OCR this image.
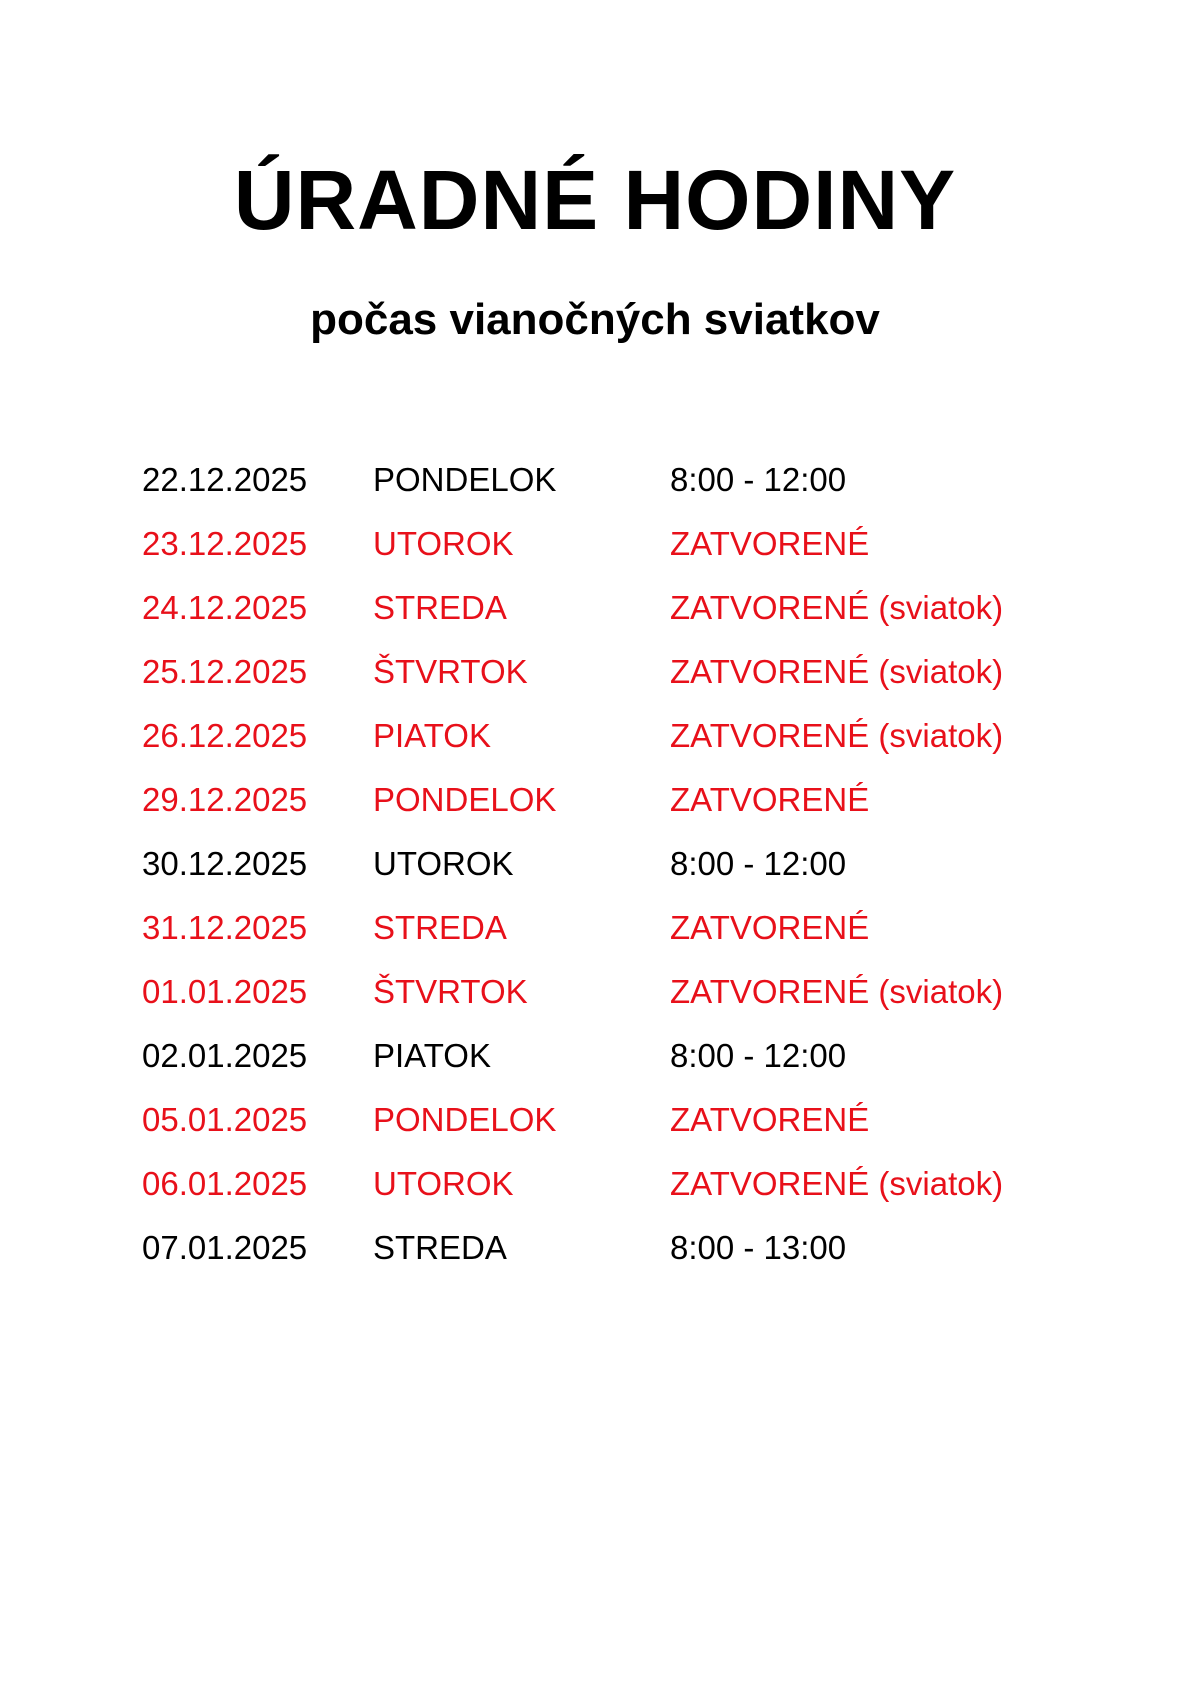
ÚRADNÉ HODINY
počas vianočných sviatkov
22.12.2025 PONDELOK	8:00 - 12:00
23.12.2025 UTOROK	ZATVORENÉ
24.12.2025 STREDA	ZATVORENÉ (sviatok)
25.12.2025 ŠTVRTOK	ZATVORENÉ (sviatok)
26.12.2025 PIATOK	ZATVORENÉ (sviatok)
29.12.2025 PONDELOK	ZATVORENÉ
30.12.2025 UTOROK	8:00 - 12:00
31.12.2025 STREDA	ZATVORENÉ
01.01.2025 ŠTVRTOK	ZATVORENÉ (sviatok)
02.01.2025 PIATOK	8:00 - 12:00
05.01.2025 PONDELOK	ZATVORENÉ
06.01.2025 UTOROK	ZATVORENÉ (sviatok)
07.01.2025 STREDA	8:00 - 13:00
